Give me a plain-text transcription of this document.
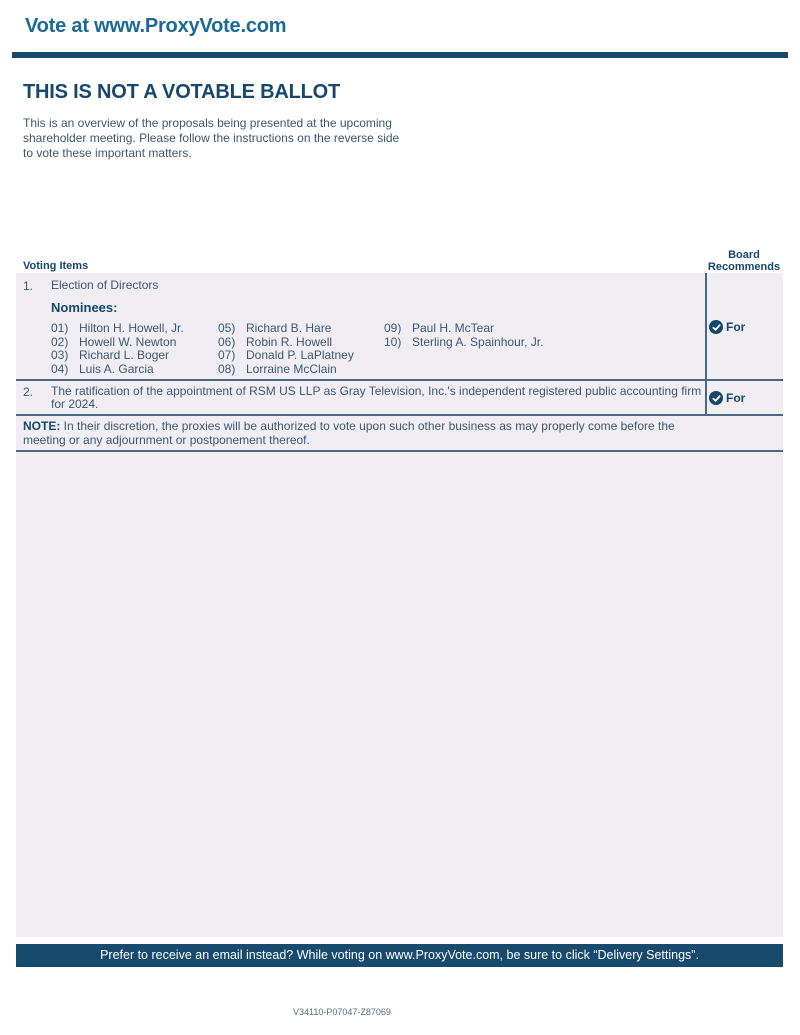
Vote at www.ProxyVote.com
THIS IS NOT A VOTABLE BALLOT

This is an overview of the proposals being presented at the upcoming shareholder meeting. Please follow the instructions on the reverse side to vote these important matters.

Voting Items
Board Recommends
1. Election of Directors
Nominees:
01) Hilton H. Howell, Jr.
02) Howell W. Newton
03) Richard L. Boger
04) Luis A. Garcia
05) Richard B. Hare
06) Robin R. Howell
07) Donald P. LaPlatney
08) Lorraine McClain
09) Paul H. McTear
10) Sterling A. Spainhour, Jr.
For
2. The ratification of the appointment of RSM US LLP as Gray Television, Inc.'s independent registered public accounting firm for 2024.	For
NOTE: In their discretion, the proxies will be authorized to vote upon such other business as may properly come before the meeting or any adjournment or postponement thereof.
Prefer to receive an email instead? While voting on www.ProxyVote.com, be sure to click “Delivery Settings”.
V34110-P07047-Z87069
